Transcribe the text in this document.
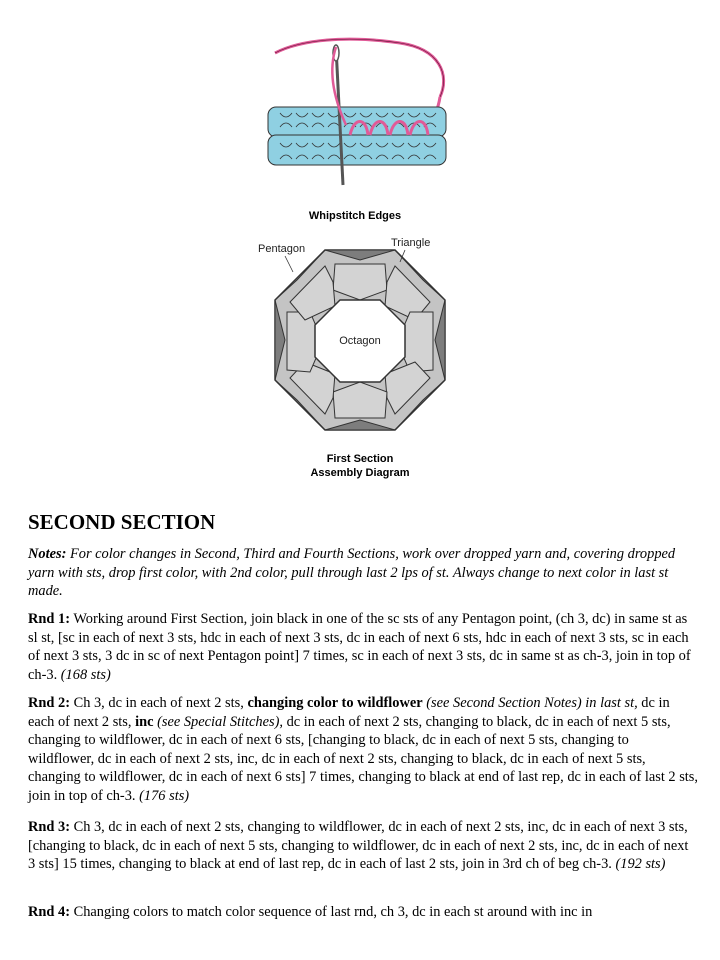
Whipstitch Edges
Octagon
Pentagon	Triangle
First Section
Assembly Diagram
SECOND SECTION

Notes: For color changes in Second, Third and Fourth Sections, work over dropped yarn and, covering dropped yarn with sts, drop first color, with 2nd color, pull through last 2 lps of st. Always change to next color in last st made.

Rnd 1: Working around First Section, join black in one of the sc sts of any Pentagon point, (ch 3, dc) in same st as sl st, [sc in each of next 3 sts, hdc in each of next 3 sts, dc in each of next 6 sts, hdc in each of next 3 sts, sc in each of next 3 sts, 3 dc in sc of next Pentagon point] 7 times, sc in each of next 3 sts, dc in same st as ch-3, join in top of ch-3. (168 sts)

Rnd 2: Ch 3, dc in each of next 2 sts, changing color to wildflower (see Second Section Notes) in last st, dc in each of next 2 sts, inc (see Special Stitches), dc in each of next 2 sts, changing to black, dc in each of next 5 sts, changing to wildflower, dc in each of next 6 sts, [changing to black, dc in each of next 5 sts, changing to wildflower, dc in each of next 2 sts, inc, dc in each of next 2 sts, changing to black, dc in each of next 5 sts, changing to wildflower, dc in each of next 6 sts] 7 times, changing to black at end of last rep, dc in each of last 2 sts, join in top of ch-3. (176 sts)

Rnd 3: Ch 3, dc in each of next 2 sts, changing to wildflower, dc in each of next 2 sts, inc, dc in each of next 3 sts, [changing to black, dc in each of next 5 sts, changing to wildflower, dc in each of next 2 sts, inc, dc in each of next 3 sts] 15 times, changing to black at end of last rep, dc in each of last 2 sts, join in 3rd ch of beg ch-3. (192 sts)

Rnd 4: Changing colors to match color sequence of last rnd, ch 3, dc in each st around with inc in
